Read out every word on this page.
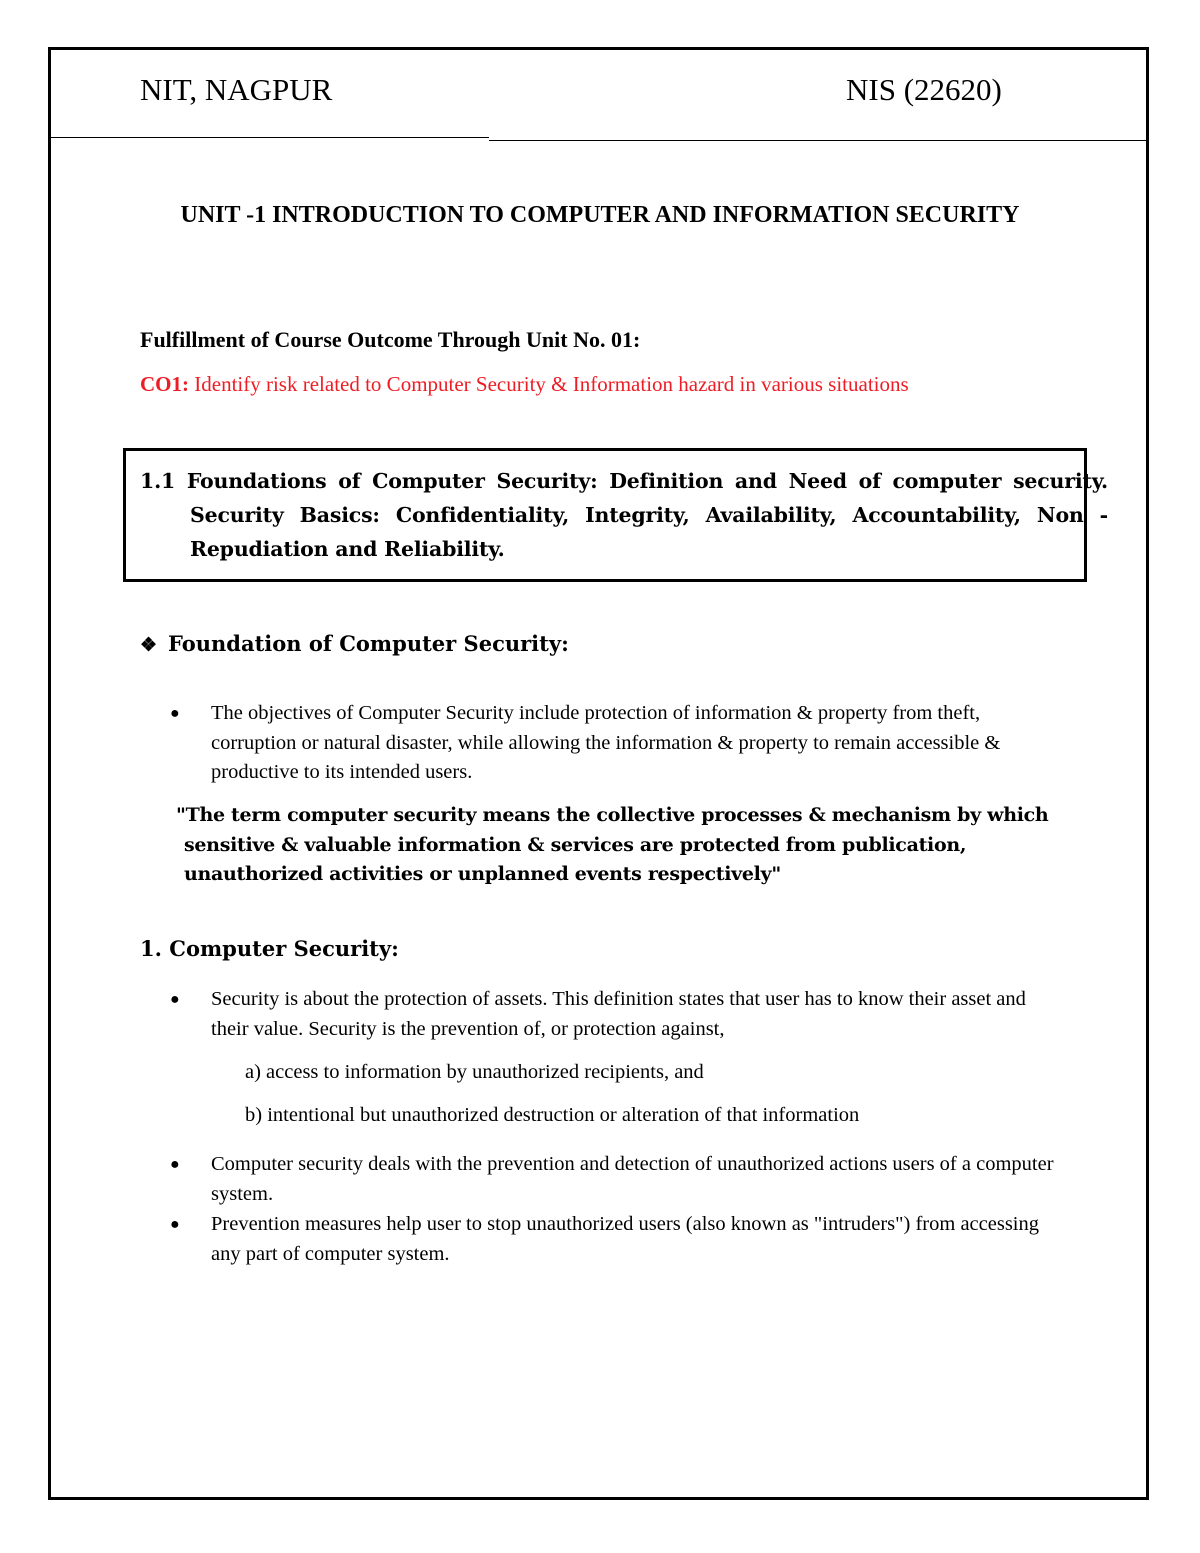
NIT, NAGPUR	NIS (22620)
UNIT -1 INTRODUCTION TO COMPUTER AND INFORMATION SECURITY
Fulfillment of Course Outcome Through Unit No. 01:
CO1: Identify risk related to Computer Security & Information hazard in various situations
1.1 Foundations of Computer Security: Definition and Need of computer security. Security Basics: Confidentiality, Integrity, Availability, Accountability, Non - Repudiation and Reliability.
❖ Foundation of Computer Security:
●	The objectives of Computer Security include protection of information & property from theft, corruption or natural disaster, while allowing the information & property to remain accessible & productive to its intended users.
"The term computer security means the collective processes & mechanism by which sensitive & valuable information & services are protected from publication, unauthorized activities or unplanned events respectively"
1. Computer Security:
●	Security is about the protection of assets. This definition states that user has to know their asset and their value. Security is the prevention of, or protection against,
a) access to information by unauthorized recipients, and
b) intentional but unauthorized destruction or alteration of that information
●	Computer security deals with the prevention and detection of unauthorized actions users of a computer system.
●	Prevention measures help user to stop unauthorized users (also known as "intruders") from accessing any part of computer system.
